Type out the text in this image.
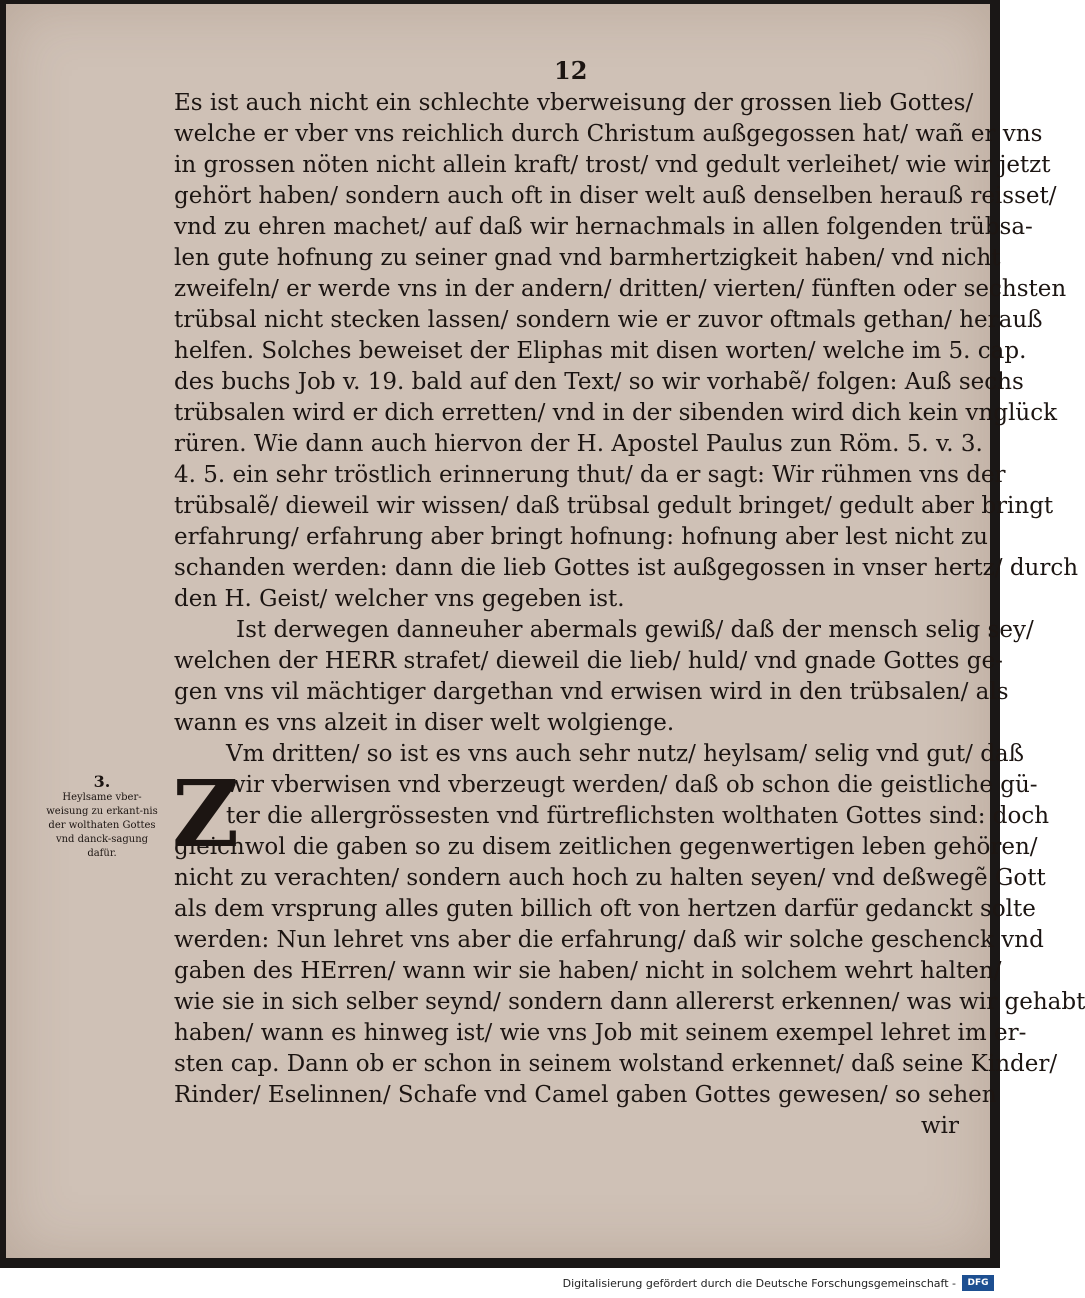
12
Es ist auch nicht ein schlechte vberweisung der grossen lieb Gottes/
welche er vber vns reichlich durch Christum außgegossen hat/ wañ er vns
in grossen nöten nicht allein kraft/ trost/ vnd gedult verleihet/ wie wir jetzt
gehört haben/ sondern auch oft in diser welt auß denselben herauß reisset/
vnd zu ehren machet/ auf daß wir hernachmals in allen folgenden trübsa-
len gute hofnung zu seiner gnad vnd barmhertzigkeit haben/ vnd nicht
zweifeln/ er werde vns in der andern/ dritten/ vierten/ fünften oder sechsten
trübsal nicht stecken lassen/ sondern wie er zuvor oftmals gethan/ herauß
helfen. Solches beweiset der Eliphas mit disen worten/ welche im 5. cap.
des buchs Job v. 19. bald auf den Text/ so wir vorhabẽ/ folgen: Auß sechs
trübsalen wird er dich erretten/ vnd in der sibenden wird dich kein vnglück
rüren. Wie dann auch hiervon der H. Apostel Paulus zun Röm. 5. v. 3.
4. 5. ein sehr tröstlich erinnerung thut/ da er sagt: Wir rühmen vns der
trübsalẽ/ dieweil wir wissen/ daß trübsal gedult bringet/ gedult aber bringt
erfahrung/ erfahrung aber bringt hofnung: hofnung aber lest nicht zu
schanden werden: dann die lieb Gottes ist außgegossen in vnser hertz/ durch
den H. Geist/ welcher vns gegeben ist.
Ist derwegen danneuher abermals gewiß/ daß der mensch selig sey/
welchen der HERR strafet/ dieweil die lieb/ huld/ vnd gnade Gottes ge-
gen vns vil mächtiger dargethan vnd erwisen wird in den trübsalen/ als
wann es vns alzeit in diser welt wolgienge.
Vm dritten/ so ist es vns auch sehr nutz/ heylsam/ selig vnd gut/ daß
wir vberwisen vnd vberzeugt werden/ daß ob schon die geistliche gü-
ter die allergrössesten vnd fürtreflichsten wolthaten Gottes sind: doch
gleichwol die gaben so zu disem zeitlichen gegenwertigen leben gehören/
nicht zu verachten/ sondern auch hoch zu halten seyen/ vnd deßwegẽ Gott
als dem vrsprung alles guten billich oft von hertzen darfür gedanckt solte
werden: Nun lehret vns aber die erfahrung/ daß wir solche geschenck vnd
gaben des HErren/ wann wir sie haben/ nicht in solchem wehrt halten/
wie sie in sich selber seynd/ sondern dann allererst erkennen/ was wir gehabt
haben/ wann es hinweg ist/ wie vns Job mit seinem exempel lehret im er-
sten cap. Dann ob er schon in seinem wolstand erkennet/ daß seine Kinder/
Rinder/ Eselinnen/ Schafe vnd Camel gaben Gottes gewesen/ so sehen
wir
Z
3.
Heylsame vber-weisung zu erkant-nis der wolthaten Gottes vnd danck-sagung dafür.
Digitalisierung gefördert durch die Deutsche Forschungsgemeinschaft -	DFG
